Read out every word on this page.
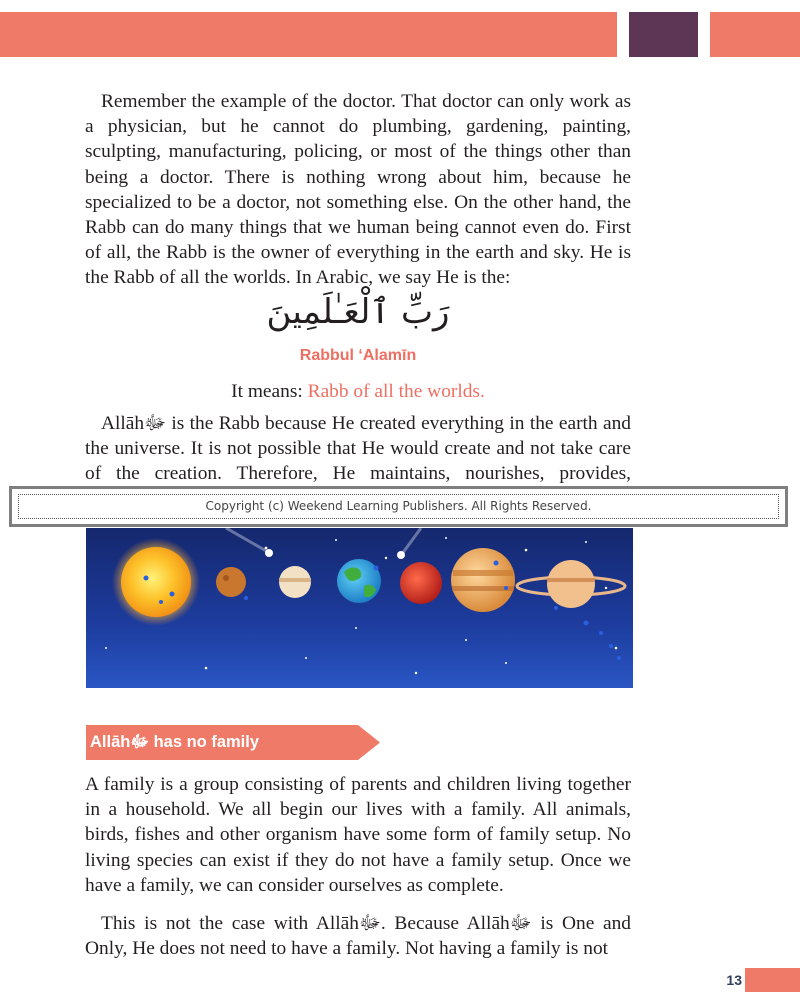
Remember the example of the doctor. That doctor can only work as a physician, but he cannot do plumbing, gardening, painting, sculpting, manufacturing, policing, or most of the things other than being a doctor. There is nothing wrong about him, because he specialized to be a doctor, not something else. On the other hand, the Rabb can do many things that we human being cannot even do. First of all, the Rabb is the owner of everything in the earth and sky. He is the Rabb of all the worlds. In Arabic, we say He is the:

رَبِّ ٱلْعَـٰلَمِينَ
Rabbul ‘Alamīn
It means: Rabb of all the worlds.

Allāhﷻ is the Rabb because He created everything in the earth and the universe. It is not possible that He would create and not take care of the creation. Therefore, He maintains, nourishes, provides,

Copyright (c) Weekend Learning Publishers. All Rights Reserved.
Allāhﷻ has no family

A family is a group consisting of parents and children living together in a household. We all begin our lives with a family. All animals, birds, fishes and other organism have some form of family setup. No living species can exist if they do not have a family setup. Once we have a family, we can consider ourselves as complete.

This is not the case with Allāhﷻ. Because Allāhﷻ is One and Only, He does not need to have a family. Not having a family is not

13
